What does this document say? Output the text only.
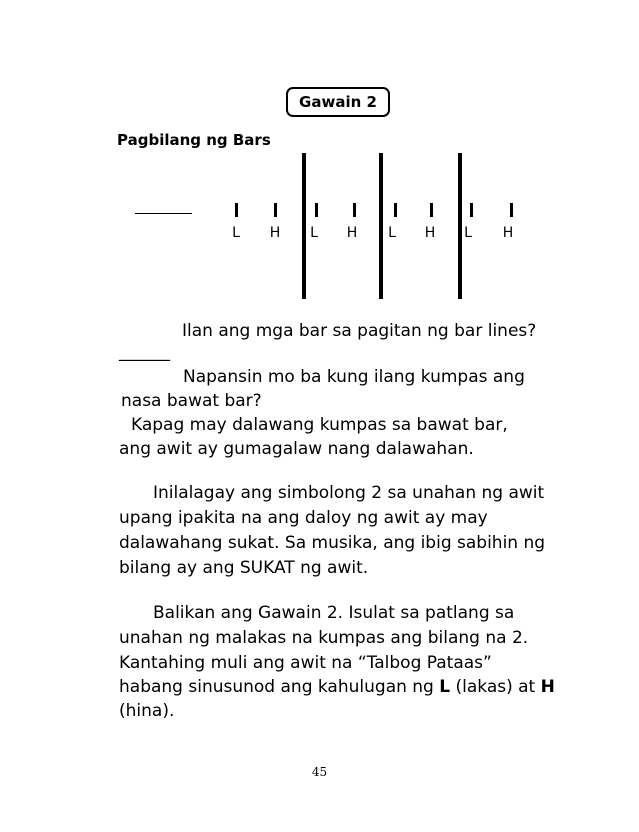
Gawain 2
Pagbilang ng Bars
L	H	L	H	L	H	L	H
Ilan ang mga bar sa pagitan ng bar lines?
______
Napansin mo ba kung ilang kumpas ang
nasa bawat bar?
Kapag may dalawang kumpas sa bawat bar,
ang awit ay gumagalaw nang dalawahan.
Inilalagay ang simbolong 2 sa unahan ng awit
upang ipakita na ang daloy ng awit ay may
dalawahang sukat. Sa musika, ang ibig sabihin ng
bilang ay ang SUKAT ng awit.
Balikan ang Gawain 2. Isulat sa patlang sa
unahan ng malakas na kumpas ang bilang na 2.
Kantahing muli ang awit na “Talbog Pataas”
habang sinusunod ang kahulugan ng L (lakas) at H
(hina).
45
